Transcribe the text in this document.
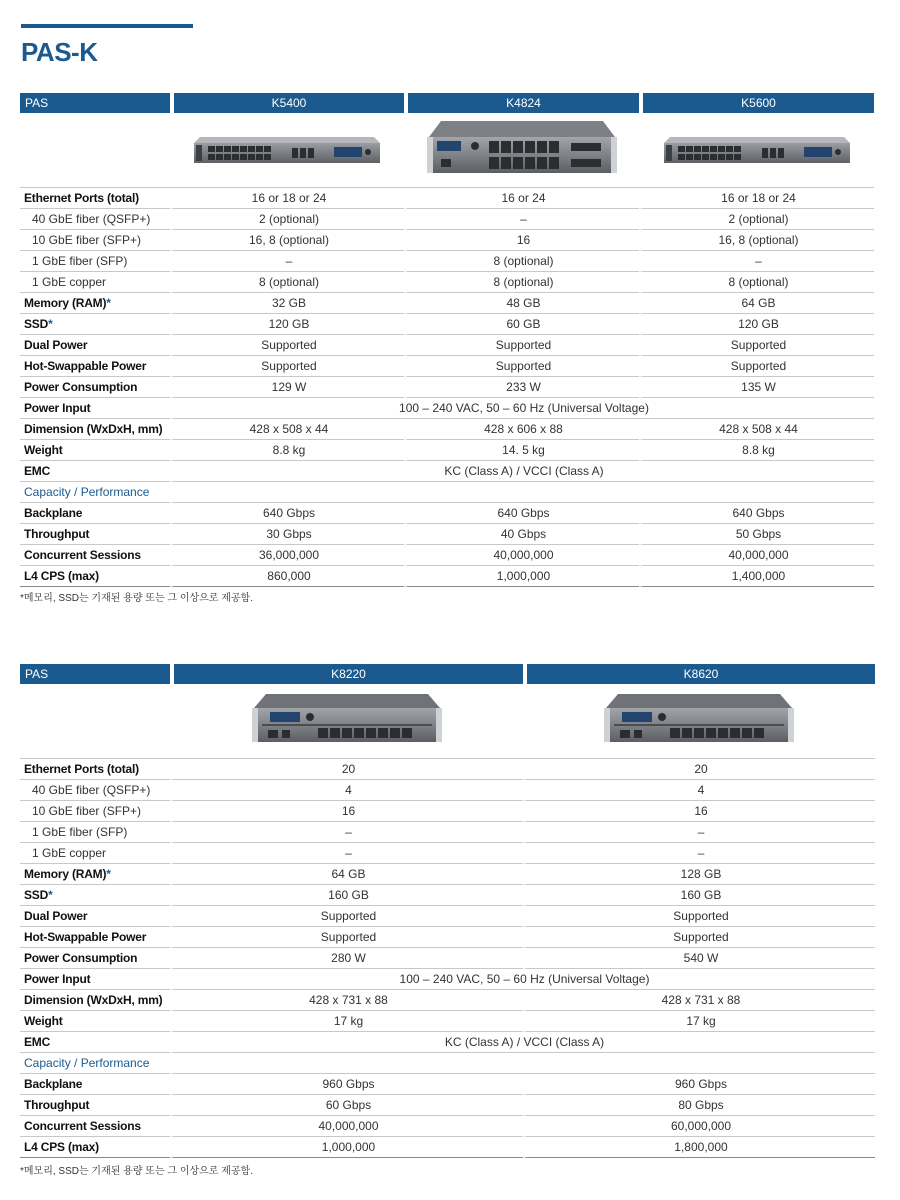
PAS-K
PAS	K5400	K4824	K5600

Ethernet Ports (total)	16 or 18 or 24	16 or 24	16 or 18 or 24
40 GbE fiber (QSFP+)	2 (optional)	–	2 (optional)
10 GbE fiber (SFP+)	16, 8 (optional)	16	16, 8 (optional)
1 GbE fiber (SFP)	–	8 (optional)	–
1 GbE copper	8 (optional)	8 (optional)	8 (optional)
Memory (RAM)*	32 GB	48 GB	64 GB
SSD*	120 GB	60 GB	120 GB
Dual Power	Supported	Supported	Supported
Hot-Swappable Power	Supported	Supported	Supported
Power Consumption	129 W	233 W	135 W
Power Input	100 – 240 VAC, 50 – 60 Hz (Universal Voltage)		
Dimension (WxDxH, mm)	428 x 508 x 44	428 x 606 x 88	428 x 508 x 44
Weight	8.8 kg	14. 5 kg	8.8 kg
EMC	KC (Class A) / VCCI (Class A)		
Capacity / Performance			
Backplane	640 Gbps	640 Gbps	640 Gbps
Throughput	30 Gbps	40 Gbps	50 Gbps
Concurrent Sessions	36,000,000	40,000,000	40,000,000
L4 CPS (max)	860,000	1,000,000	1,400,000
*메모리, SSD는 기재된 용량 또는 그 이상으로 제공함.
PAS	K8220	K8620

Ethernet Ports (total)	20	20
40 GbE fiber (QSFP+)	4	4
10 GbE fiber (SFP+)	16	16
1 GbE fiber (SFP)	–	–
1 GbE copper	–	–
Memory (RAM)*	64 GB	128 GB
SSD*	160 GB	160 GB
Dual Power	Supported	Supported
Hot-Swappable Power	Supported	Supported
Power Consumption	280 W	540 W
Power Input	100 – 240 VAC, 50 – 60 Hz (Universal Voltage)	
Dimension (WxDxH, mm)	428 x 731 x 88	428 x 731 x 88
Weight	17 kg	17 kg
EMC	KC (Class A) / VCCI (Class A)	
Capacity / Performance		
Backplane	960 Gbps	960 Gbps
Throughput	60 Gbps	80 Gbps
Concurrent Sessions	40,000,000	60,000,000
L4 CPS (max)	1,000,000	1,800,000
*메모리, SSD는 기재된 용량 또는 그 이상으로 제공함.
